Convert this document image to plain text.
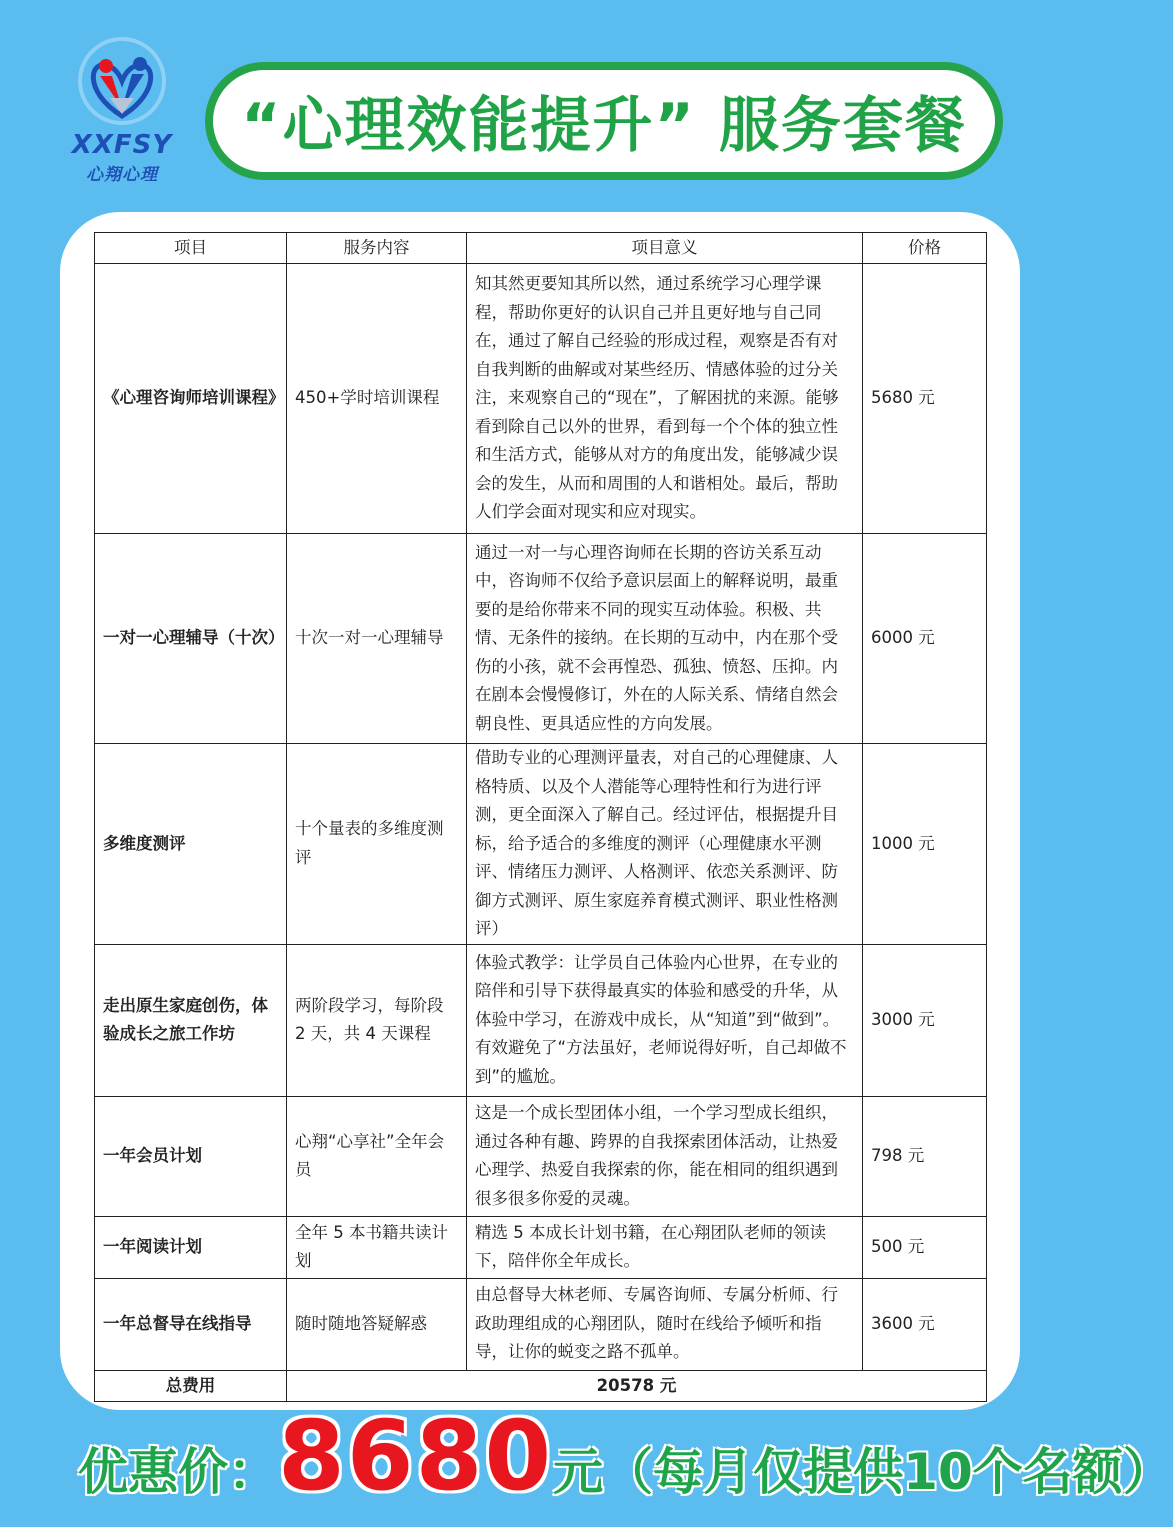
XXFSY
心翔心理
“心理效能提升” 服务套餐
项目	服务内容	项目意义	价格
《心理咨询师培训课程》	450+学时培训课程	知其然更要知其所以然，通过系统学习心理学课程，帮助你更好的认识自己并且更好地与自己同在，通过了解自己经验的形成过程，观察是否有对自我判断的曲解或对某些经历、情感体验的过分关注，来观察自己的“现在”，了解困扰的来源。能够看到除自己以外的世界，看到每一个个体的独立性和生活方式，能够从对方的角度出发，能够减少误会的发生，从而和周围的人和谐相处。最后，帮助人们学会面对现实和应对现实。	5680 元
一对一心理辅导（十次）	十次一对一心理辅导	通过一对一与心理咨询师在长期的咨访关系互动中，咨询师不仅给予意识层面上的解释说明，最重要的是给你带来不同的现实互动体验。积极、共情、无条件的接纳。在长期的互动中，内在那个受伤的小孩，就不会再惶恐、孤独、愤怒、压抑。内在剧本会慢慢修订，外在的人际关系、情绪自然会朝良性、更具适应性的方向发展。	6000 元
多维度测评	十个量表的多维度测评	借助专业的心理测评量表，对自己的心理健康、人格特质、以及个人潜能等心理特性和行为进行评测，更全面深入了解自己。经过评估，根据提升目标，给予适合的多维度的测评（心理健康水平测评、情绪压力测评、人格测评、依恋关系测评、防御方式测评、原生家庭养育模式测评、职业性格测评）	1000 元
走出原生家庭创伤，体验成长之旅工作坊	两阶段学习，每阶段 2 天，共 4 天课程	体验式教学：让学员自己体验内心世界，在专业的陪伴和引导下获得最真实的体验和感受的升华，从体验中学习，在游戏中成长，从“知道”到“做到”。有效避免了“方法虽好，老师说得好听，自己却做不到”的尴尬。	3000 元
一年会员计划	心翔“心享社”全年会员	这是一个成长型团体小组，一个学习型成长组织，通过各种有趣、跨界的自我探索团体活动，让热爱心理学、热爱自我探索的你，能在相同的组织遇到很多很多你爱的灵魂。	798 元
一年阅读计划	全年 5 本书籍共读计划	精选 5 本成长计划书籍，在心翔团队老师的领读下，陪伴你全年成长。	500 元
一年总督导在线指导	随时随地答疑解惑	由总督导大林老师、专属咨询师、专属分析师、行政助理组成的心翔团队，随时在线给予倾听和指导，让你的蜕变之路不孤单。	3600 元
总费用	20578 元		
优惠价：8680元（每月仅提供10个名额）
